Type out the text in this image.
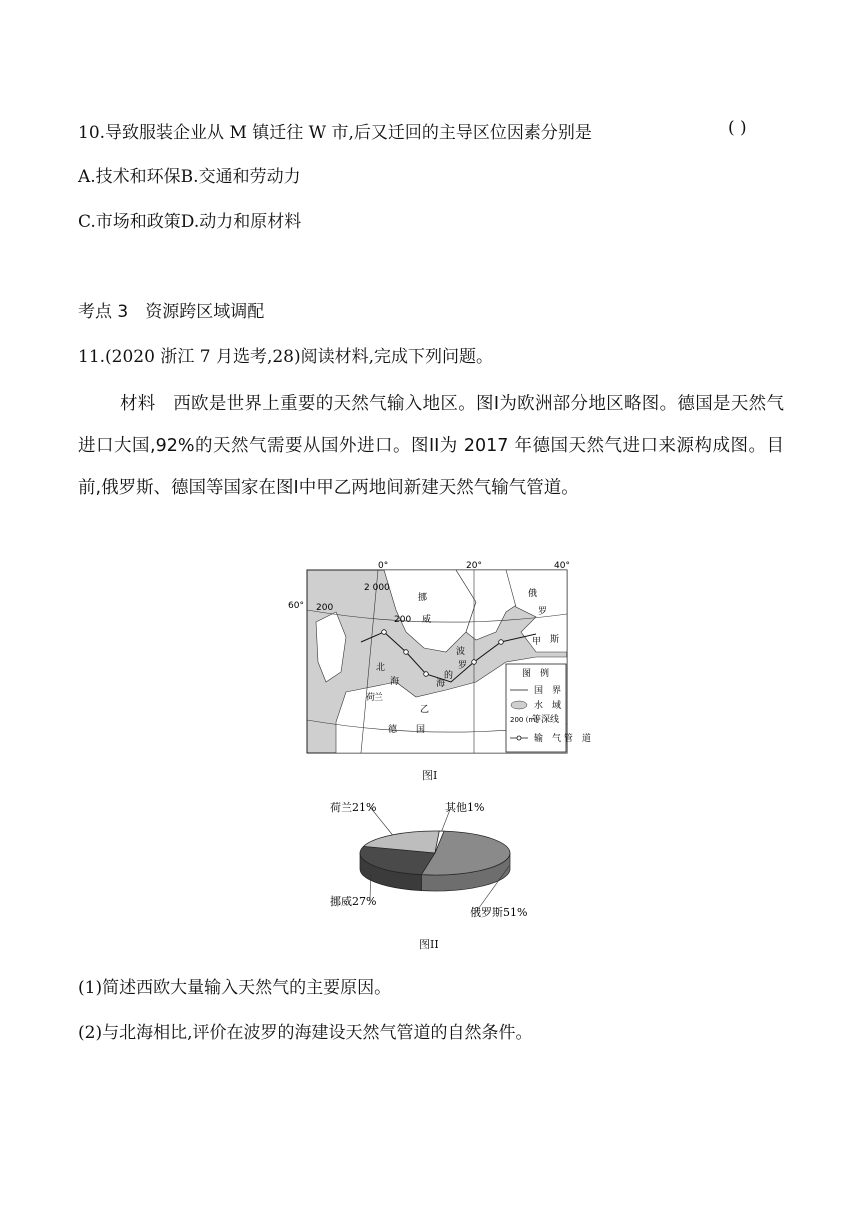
10.导致服装企业从 M 镇迁往 W 市,后又迁回的主导区位因素分别是	( )
A.技术和环保B.交通和劳动力
C.市场和政策D.动力和原材料
考点 3　资源跨区域调配
11.(2020 浙江 7 月选考,28)阅读材料,完成下列问题。
材料 西欧是世界上重要的天然气输入地区。图I为欧洲部分地区略图。德国是天然气进口大国,92%的天然气需要从国外进口。图II为 2017 年德国天然气进口来源构成图。目前,俄罗斯、德国等国家在图I中甲乙两地间新建天然气输气管道。
0°	20°	40°
60°
2 000
200
200
挪
威
北
海
荷
兰
德 国
波
罗
的
海
俄
罗
斯
甲
乙
图　例
国　界
水　域
200 (m)
等深线
输　气 管　道
图I
俄罗斯51%
挪威27%
荷兰21%	其他1%
图II
(1)简述西欧大量输入天然气的主要原因。
(2)与北海相比,评价在波罗的海建设天然气管道的自然条件。
